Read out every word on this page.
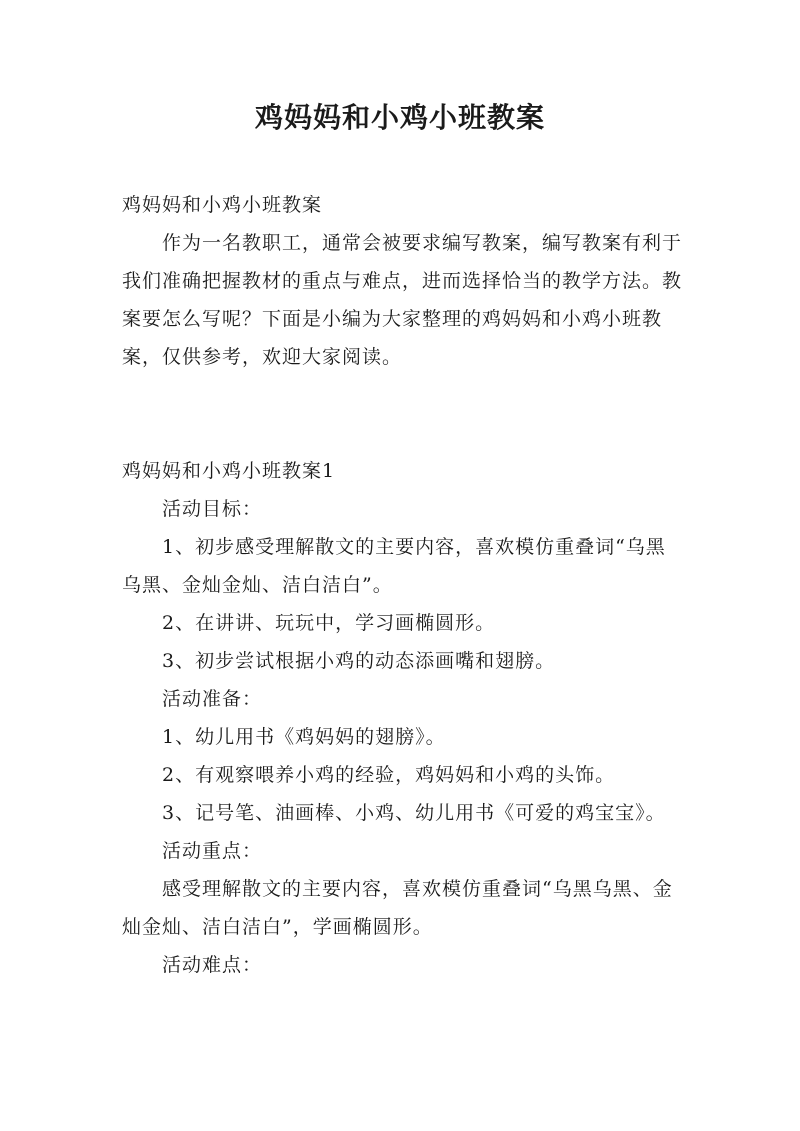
鸡妈妈和小鸡小班教案

鸡妈妈和小鸡小班教案

作为一名教职工，通常会被要求编写教案，编写教案有利于我们准确把握教材的重点与难点，进而选择恰当的教学方法。教案要怎么写呢？下面是小编为大家整理的鸡妈妈和小鸡小班教案，仅供参考，欢迎大家阅读。

鸡妈妈和小鸡小班教案1

活动目标：

1、初步感受理解散文的主要内容，喜欢模仿重叠词“乌黑乌黑、金灿金灿、洁白洁白”。

2、在讲讲、玩玩中，学习画椭圆形。

3、初步尝试根据小鸡的动态添画嘴和翅膀。

活动准备：

1、幼儿用书《鸡妈妈的翅膀》。

2、有观察喂养小鸡的经验，鸡妈妈和小鸡的头饰。

3、记号笔、油画棒、小鸡、幼儿用书《可爱的鸡宝宝》。

活动重点：

感受理解散文的主要内容，喜欢模仿重叠词“乌黑乌黑、金灿金灿、洁白洁白”，学画椭圆形。

活动难点：
